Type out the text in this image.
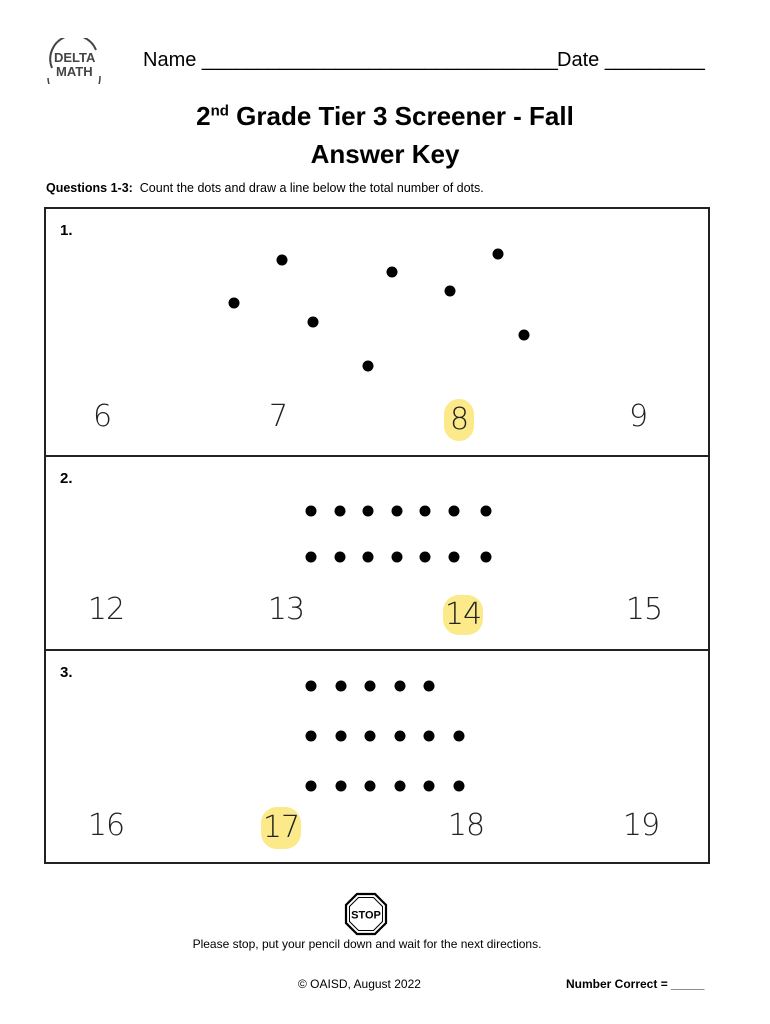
DELTA
MATH
Name ________________________________ Date _________
2nd Grade Tier 3 Screener - Fall
Answer Key
Questions 1-3: Count the dots and draw a line below the total number of dots.
1.
6	7	8	9
2.
12	13	14	15
3.
16	17	18	19
STOP
Please stop, put your pencil down and wait for the next directions.
© OAISD, August 2022	Number Correct = _____
